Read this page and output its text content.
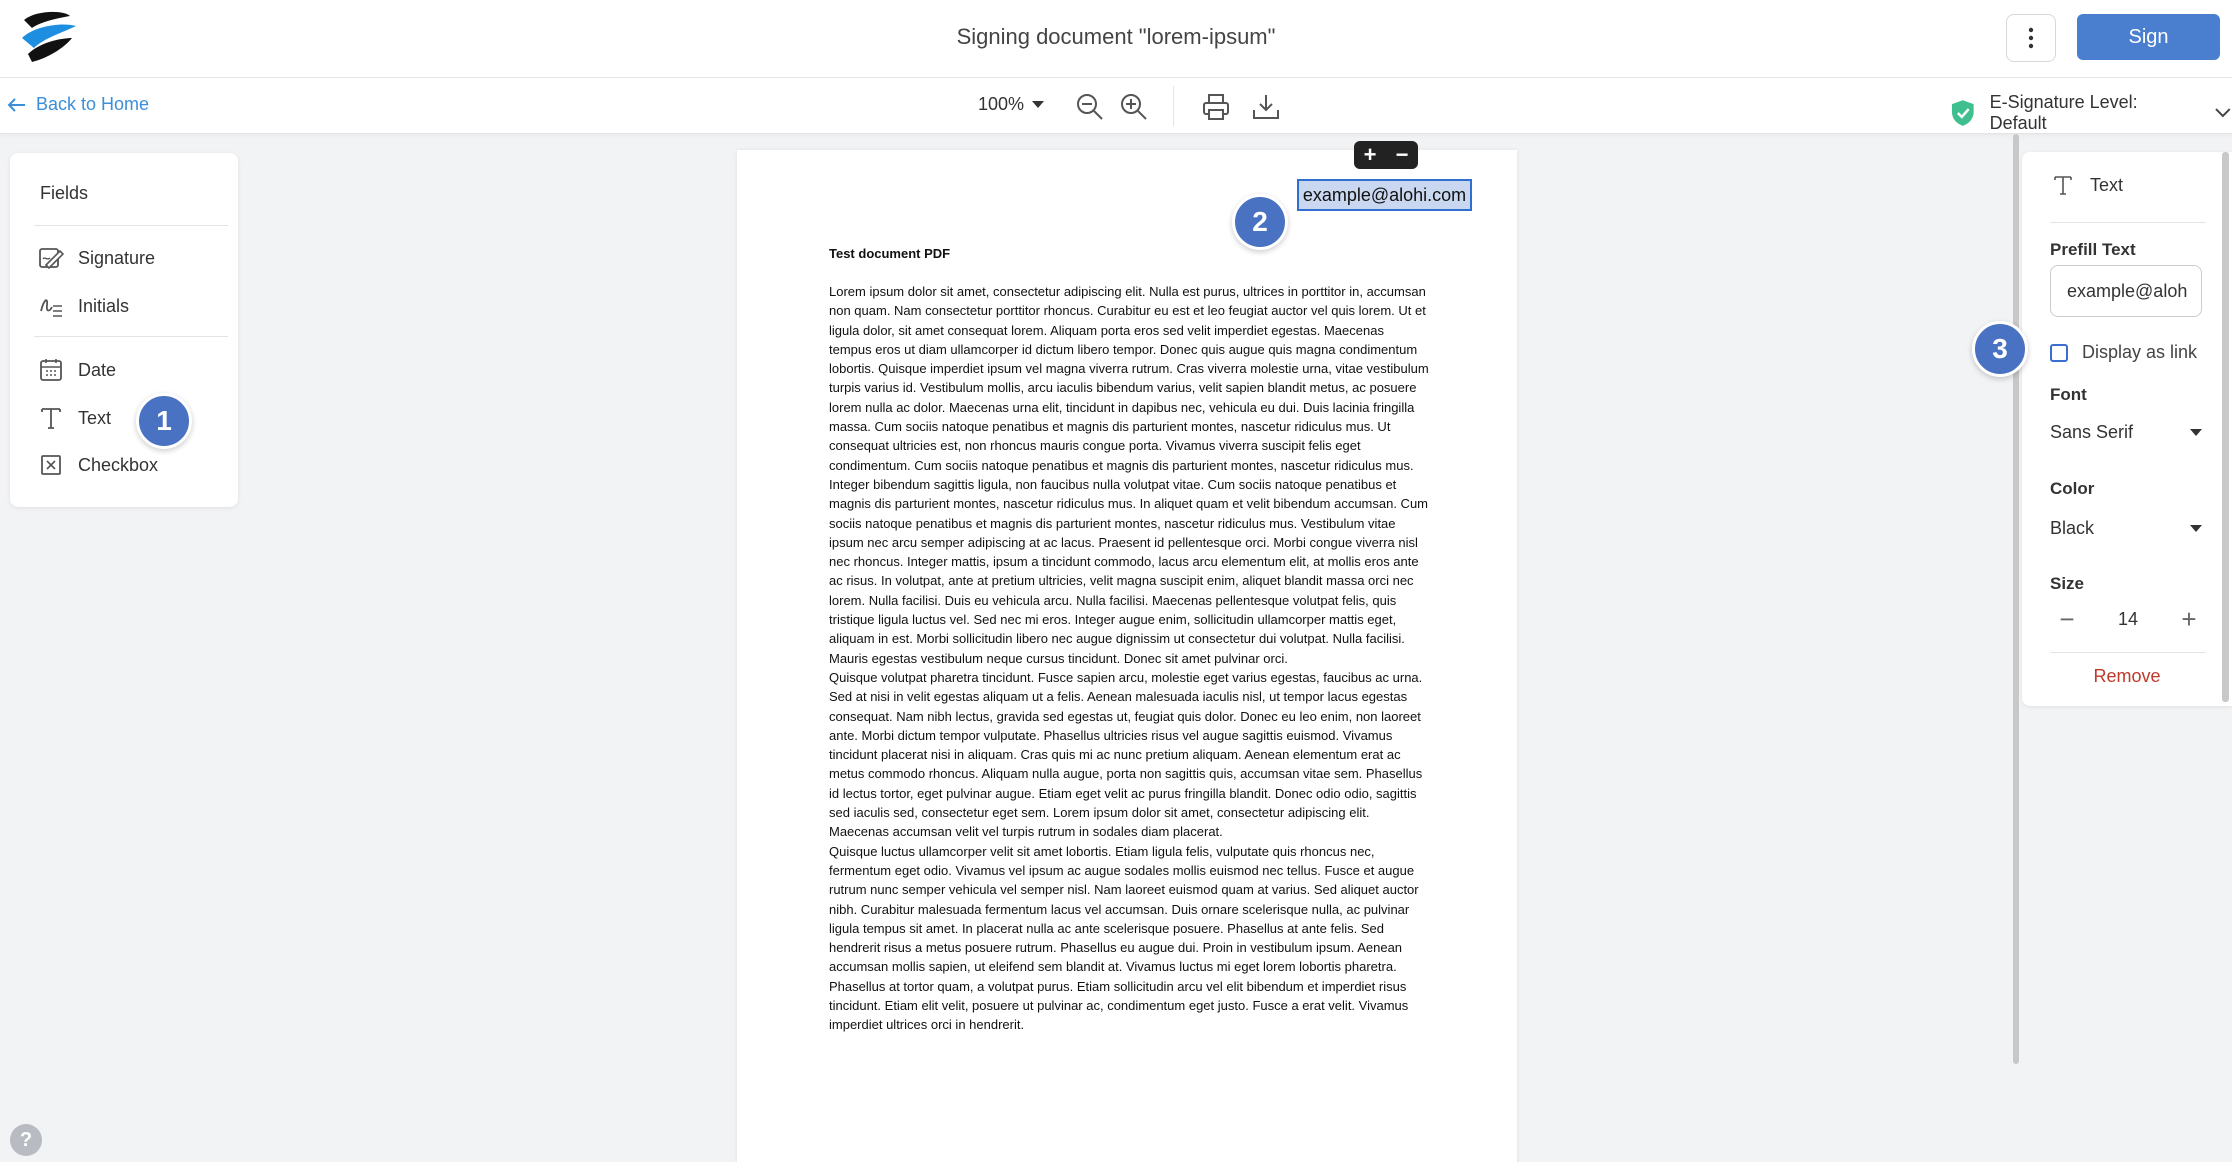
Signing document "lorem-ipsum"	Sign
Back to Home	100%	E-Signature Level: Default
Fields
Signature
Initials
Date
Text
Checkbox
1
Test document PDF

Lorem ipsum dolor sit amet, consectetur adipiscing elit. Nulla est purus, ultrices in porttitor in, accumsan non quam. Nam consectetur porttitor rhoncus. Curabitur eu est et leo feugiat auctor vel quis lorem. Ut et ligula dolor, sit amet consequat lorem. Aliquam porta eros sed velit imperdiet egestas. Maecenas tempus eros ut diam ullamcorper id dictum libero tempor. Donec quis augue quis magna condimentum lobortis. Quisque imperdiet ipsum vel magna viverra rutrum. Cras viverra molestie urna, vitae vestibulum turpis varius id. Vestibulum mollis, arcu iaculis bibendum varius, velit sapien blandit metus, ac posuere lorem nulla ac dolor. Maecenas urna elit, tincidunt in dapibus nec, vehicula eu dui. Duis lacinia fringilla massa. Cum sociis natoque penatibus et magnis dis parturient montes, nascetur ridiculus mus. Ut consequat ultricies est, non rhoncus mauris congue porta. Vivamus viverra suscipit felis eget condimentum. Cum sociis natoque penatibus et magnis dis parturient montes, nascetur ridiculus mus. Integer bibendum sagittis ligula, non faucibus nulla volutpat vitae. Cum sociis natoque penatibus et magnis dis parturient montes, nascetur ridiculus mus. In aliquet quam et velit bibendum accumsan. Cum sociis natoque penatibus et magnis dis parturient montes, nascetur ridiculus mus. Vestibulum vitae ipsum nec arcu semper adipiscing at ac lacus. Praesent id pellentesque orci. Morbi congue viverra nisl nec rhoncus. Integer mattis, ipsum a tincidunt commodo, lacus arcu elementum elit, at mollis eros ante ac risus. In volutpat, ante at pretium ultricies, velit magna suscipit enim, aliquet blandit massa orci nec lorem. Nulla facilisi. Duis eu vehicula arcu. Nulla facilisi. Maecenas pellentesque volutpat felis, quis tristique ligula luctus vel. Sed nec mi eros. Integer augue enim, sollicitudin ullamcorper mattis eget, aliquam in est. Morbi sollicitudin libero nec augue dignissim ut consectetur dui volutpat. Nulla facilisi. Mauris egestas vestibulum neque cursus tincidunt. Donec sit amet pulvinar orci.

Quisque volutpat pharetra tincidunt. Fusce sapien arcu, molestie eget varius egestas, faucibus ac urna. Sed at nisi in velit egestas aliquam ut a felis. Aenean malesuada iaculis nisl, ut tempor lacus egestas consequat. Nam nibh lectus, gravida sed egestas ut, feugiat quis dolor. Donec eu leo enim, non laoreet ante. Morbi dictum tempor vulputate. Phasellus ultricies risus vel augue sagittis euismod. Vivamus tincidunt placerat nisi in aliquam. Cras quis mi ac nunc pretium aliquam. Aenean elementum erat ac metus commodo rhoncus. Aliquam nulla augue, porta non sagittis quis, accumsan vitae sem. Phasellus id lectus tortor, eget pulvinar augue. Etiam eget velit ac purus fringilla blandit. Donec odio odio, sagittis sed iaculis sed, consectetur eget sem. Lorem ipsum dolor sit amet, consectetur adipiscing elit. Maecenas accumsan velit vel turpis rutrum in sodales diam placerat.

Quisque luctus ullamcorper velit sit amet lobortis. Etiam ligula felis, vulputate quis rhoncus nec, fermentum eget odio. Vivamus vel ipsum ac augue sodales mollis euismod nec tellus. Fusce et augue rutrum nunc semper vehicula vel semper nisl. Nam laoreet euismod quam at varius. Sed aliquet auctor nibh. Curabitur malesuada fermentum lacus vel accumsan. Duis ornare scelerisque nulla, ac pulvinar ligula tempus sit amet. In placerat nulla ac ante scelerisque posuere. Phasellus at ante felis. Sed hendrerit risus a metus posuere rutrum. Phasellus eu augue dui. Proin in vestibulum ipsum. Aenean accumsan mollis sapien, ut eleifend sem blandit at. Vivamus luctus mi eget lorem lobortis pharetra. Phasellus at tortor quam, a volutpat purus. Etiam sollicitudin arcu vel elit bibendum et imperdiet risus tincidunt. Etiam elit velit, posuere ut pulvinar ac, condimentum eget justo. Fusce a erat velit. Vivamus imperdiet ultrices orci in hendrerit.

+ −
example@alohi.com
2
Text
Prefill Text
example@aloh
Display as link
Font
Sans Serif
Color
Black
Size
−	14	+
Remove
3
?
